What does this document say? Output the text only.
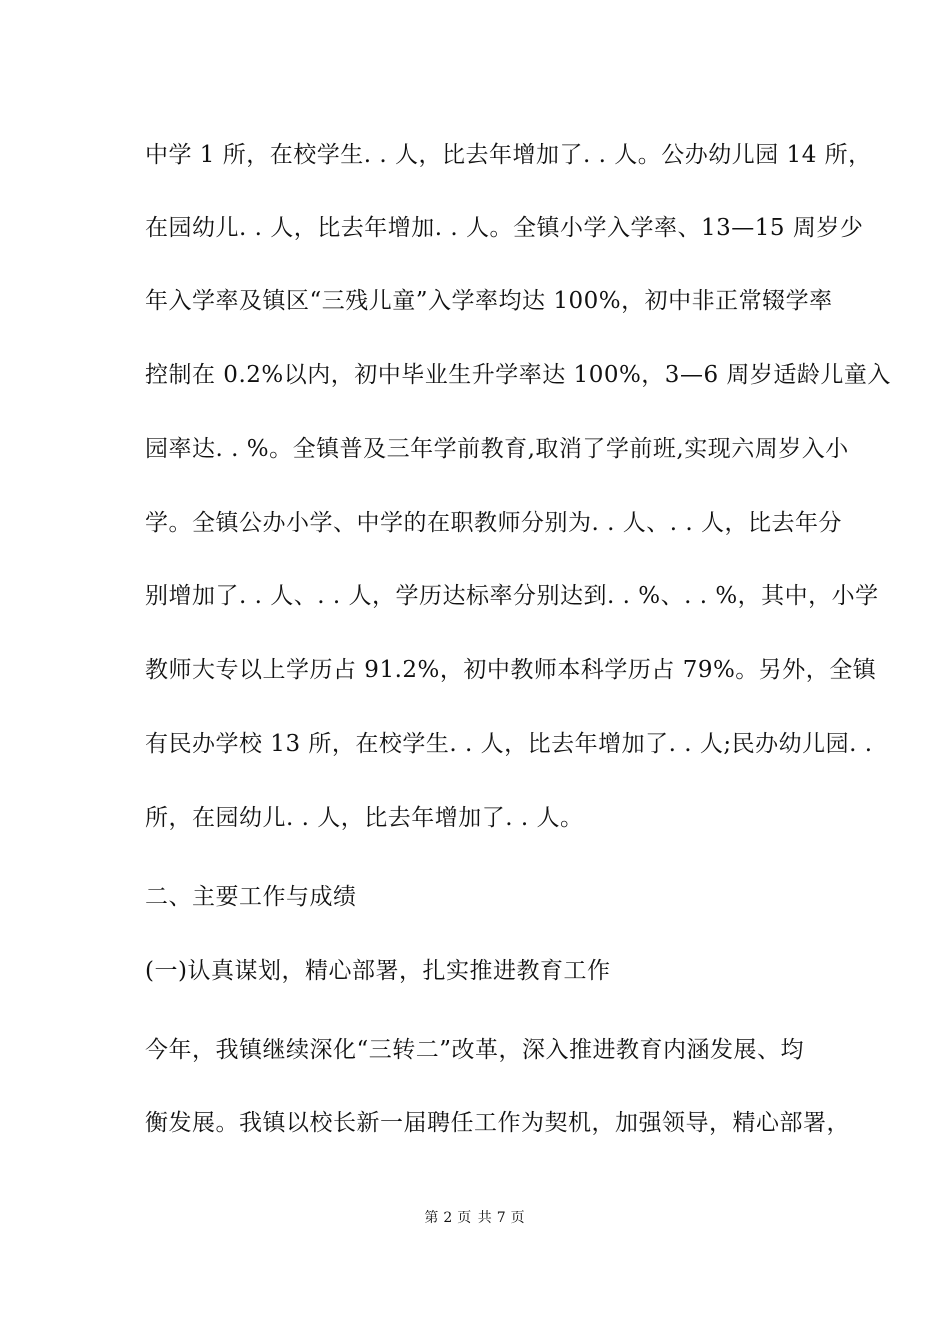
中学 1 所，在校学生. . 人，比去年增加了. . 人。公办幼儿园 14 所，
在园幼儿. . 人，比去年增加. . 人。全镇小学入学率、13—15 周岁少
年入学率及镇区“三残儿童”入学率均达 100%，初中非正常辍学率
控制在 0.2%以内，初中毕业生升学率达 100%，3—6 周岁适龄儿童入
园率达. . %。全镇普及三年学前教育,取消了学前班,实现六周岁入小
学。全镇公办小学、中学的在职教师分别为. . 人、. . 人，比去年分
别增加了. . 人、. . 人，学历达标率分别达到. . %、. . %，其中，小学
教师大专以上学历占 91.2%，初中教师本科学历占 79%。另外，全镇
有民办学校 13 所，在校学生. . 人，比去年增加了. . 人;民办幼儿园. .
所，在园幼儿. . 人，比去年增加了. . 人。
二、主要工作与成绩
(一)认真谋划，精心部署，扎实推进教育工作
今年，我镇继续深化“三转二”改革，深入推进教育内涵发展、均
衡发展。我镇以校长新一届聘任工作为契机，加强领导，精心部署，
第 2 页 共 7 页
